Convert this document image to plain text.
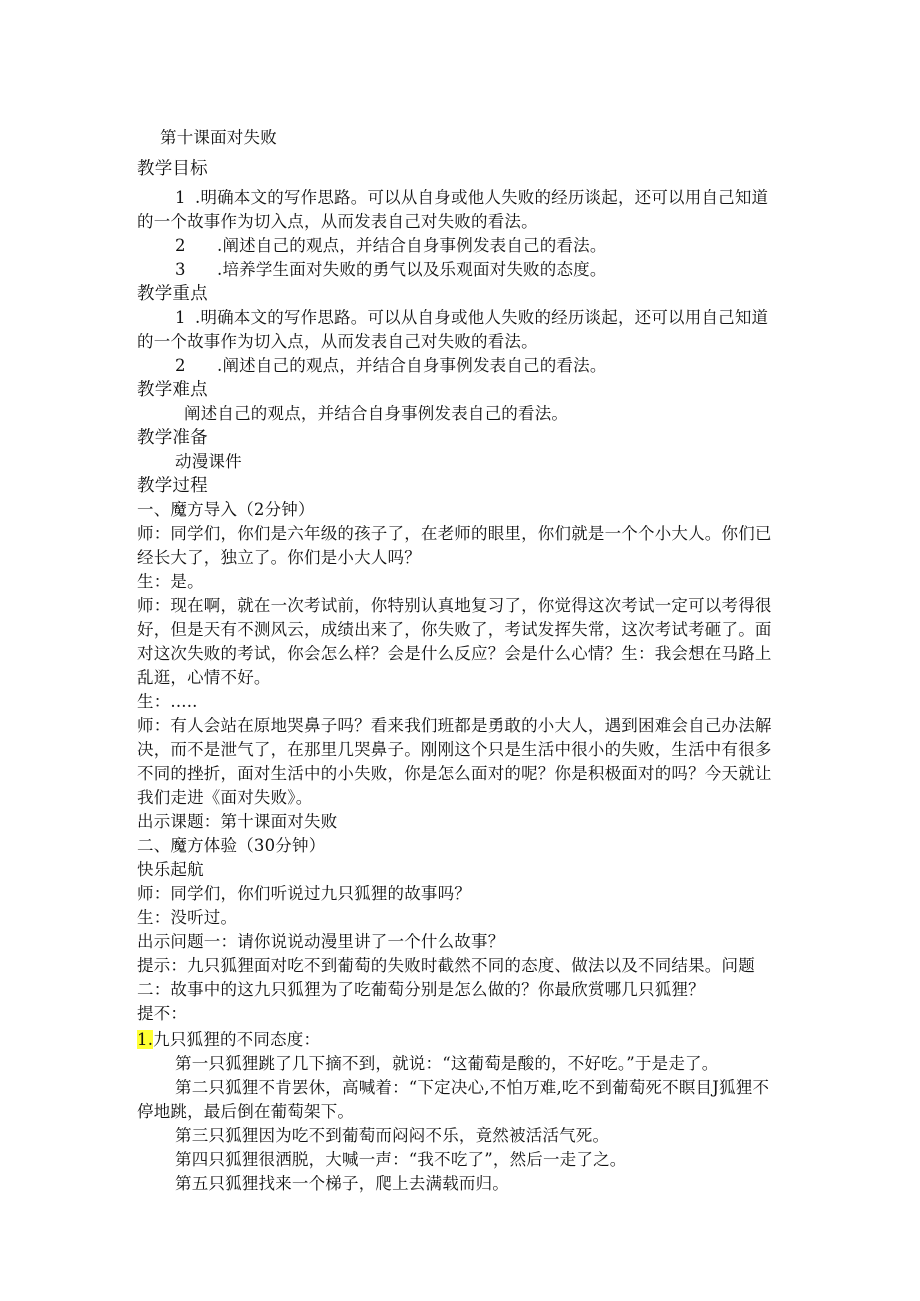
第十课面对失败
教学目标
1 .明确本文的写作思路。可以从自身或他人失败的经历谈起，还可以用自己知道
的一个故事作为切入点，从而发表自己对失败的看法。
2 .阐述自己的观点，并结合自身事例发表自己的看法。
3 .培养学生面对失败的勇气以及乐观面对失败的态度。
教学重点
1 .明确本文的写作思路。可以从自身或他人失败的经历谈起，还可以用自己知道
的一个故事作为切入点，从而发表自己对失败的看法。
2 .阐述自己的观点，并结合自身事例发表自己的看法。
教学难点
阐述自己的观点，并结合自身事例发表自己的看法。
教学准备
动漫课件
教学过程
一、魔方导入（2分钟）
师：同学们，你们是六年级的孩子了，在老师的眼里，你们就是一个个小大人。你们已
经长大了，独立了。你们是小大人吗？
生：是。
师：现在啊，就在一次考试前，你特别认真地复习了，你觉得这次考试一定可以考得很
好，但是天有不测风云，成绩出来了，你失败了，考试发挥失常，这次考试考砸了。面
对这次失败的考试，你会怎么样？会是什么反应？会是什么心情？生：我会想在马路上
乱逛，心情不好。
生：.....
师：有人会站在原地哭鼻子吗？看来我们班都是勇敢的小大人，遇到困难会自己办法解
决，而不是泄气了，在那里几哭鼻子。刚刚这个只是生活中很小的失败，生活中有很多
不同的挫折，面对生活中的小失败，你是怎么面对的呢？你是积极面对的吗？今天就让
我们走进《面对失败》。
出示课题：第十课面对失败
二、魔方体验（30分钟）
快乐起航
师：同学们，你们听说过九只狐狸的故事吗？
生：没听过。
出示问题一：请你说说动漫里讲了一个什么故事？
提示：九只狐狸面对吃不到葡萄的失败时截然不同的态度、做法以及不同结果。问题
二：故事中的这九只狐狸为了吃葡萄分别是怎么做的？你最欣赏哪几只狐狸？
提不：
1.九只狐狸的不同态度：
第一只狐狸跳了几下摘不到，就说：“这葡萄是酸的，不好吃。”于是走了。
第二只狐狸不肯罢休，高喊着：“下定决心,不怕万难,吃不到葡萄死不瞑目J狐狸不
停地跳，最后倒在葡萄架下。
第三只狐狸因为吃不到葡萄而闷闷不乐，竟然被活活气死。
第四只狐狸很洒脱，大喊一声：“我不吃了”，然后一走了之。
第五只狐狸找来一个梯子，爬上去满载而归。
